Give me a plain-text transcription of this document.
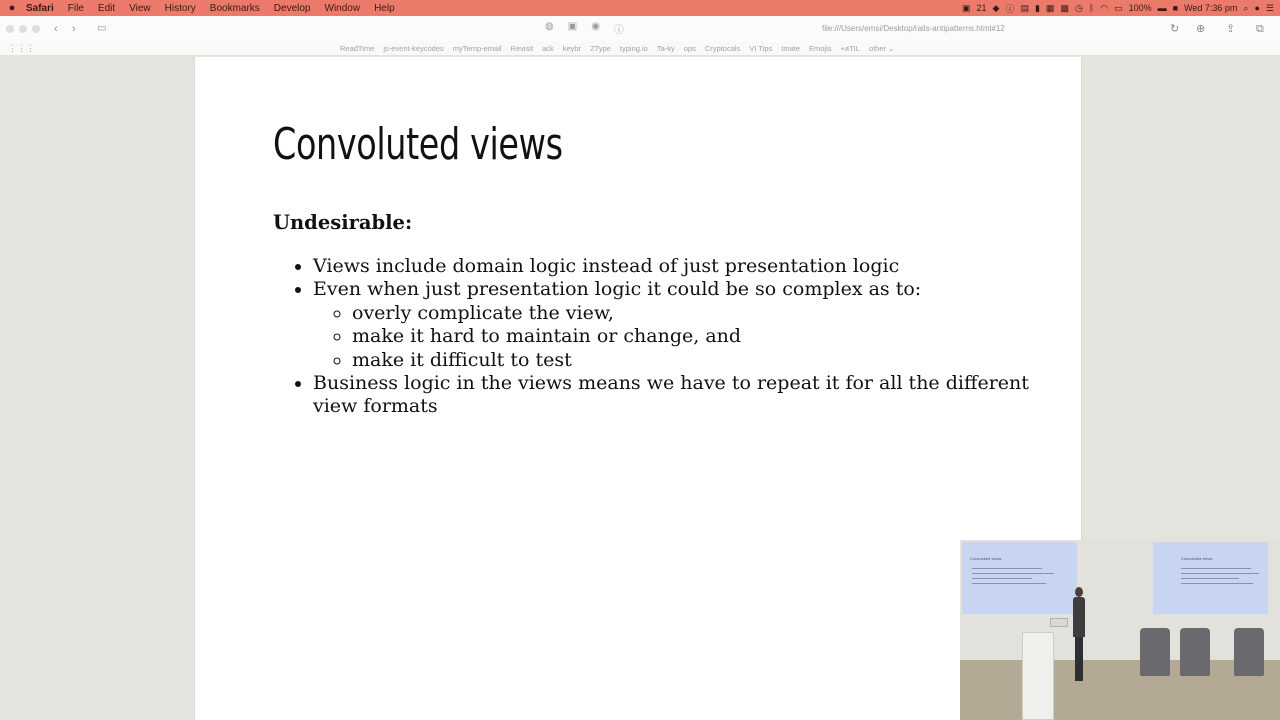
●	Safari	File	Edit	View	History	Bookmarks	Develop	Window	Help	▣ 21 ◆ ⓘ ▤ ▮ ▦ ▩ ◷ ᛒ ◠ ▭ 100% ▬ ■ Wed 7:36 pm ⌕ ● ☰
‹ › ▭	◍ ▣ ◉ ⓘ	file:///Users/emsi/Desktop/rails-antipatterns.html#12	↻ ⊕ ⇪ ⧉
⋮⋮⋮	ReadTime	js-event-keycodes	myTemp-email	Revisit	ack	keybr	ZType	typing.io	Ta-ky	ops	Cryptocals	VI Tips	tmate	Emojis	+aTIL	other ⌄
Convoluted views
Undesirable:
• Views include domain logic instead of just presentation logic
• Even when just presentation logic it could be so complex as to:
◦ overly complicate the view,
◦ make it hard to maintain or change, and
◦ make it difficult to test
• Business logic in the views means we have to repeat it for all the different view formats
Convoluted views	Convoluted views
